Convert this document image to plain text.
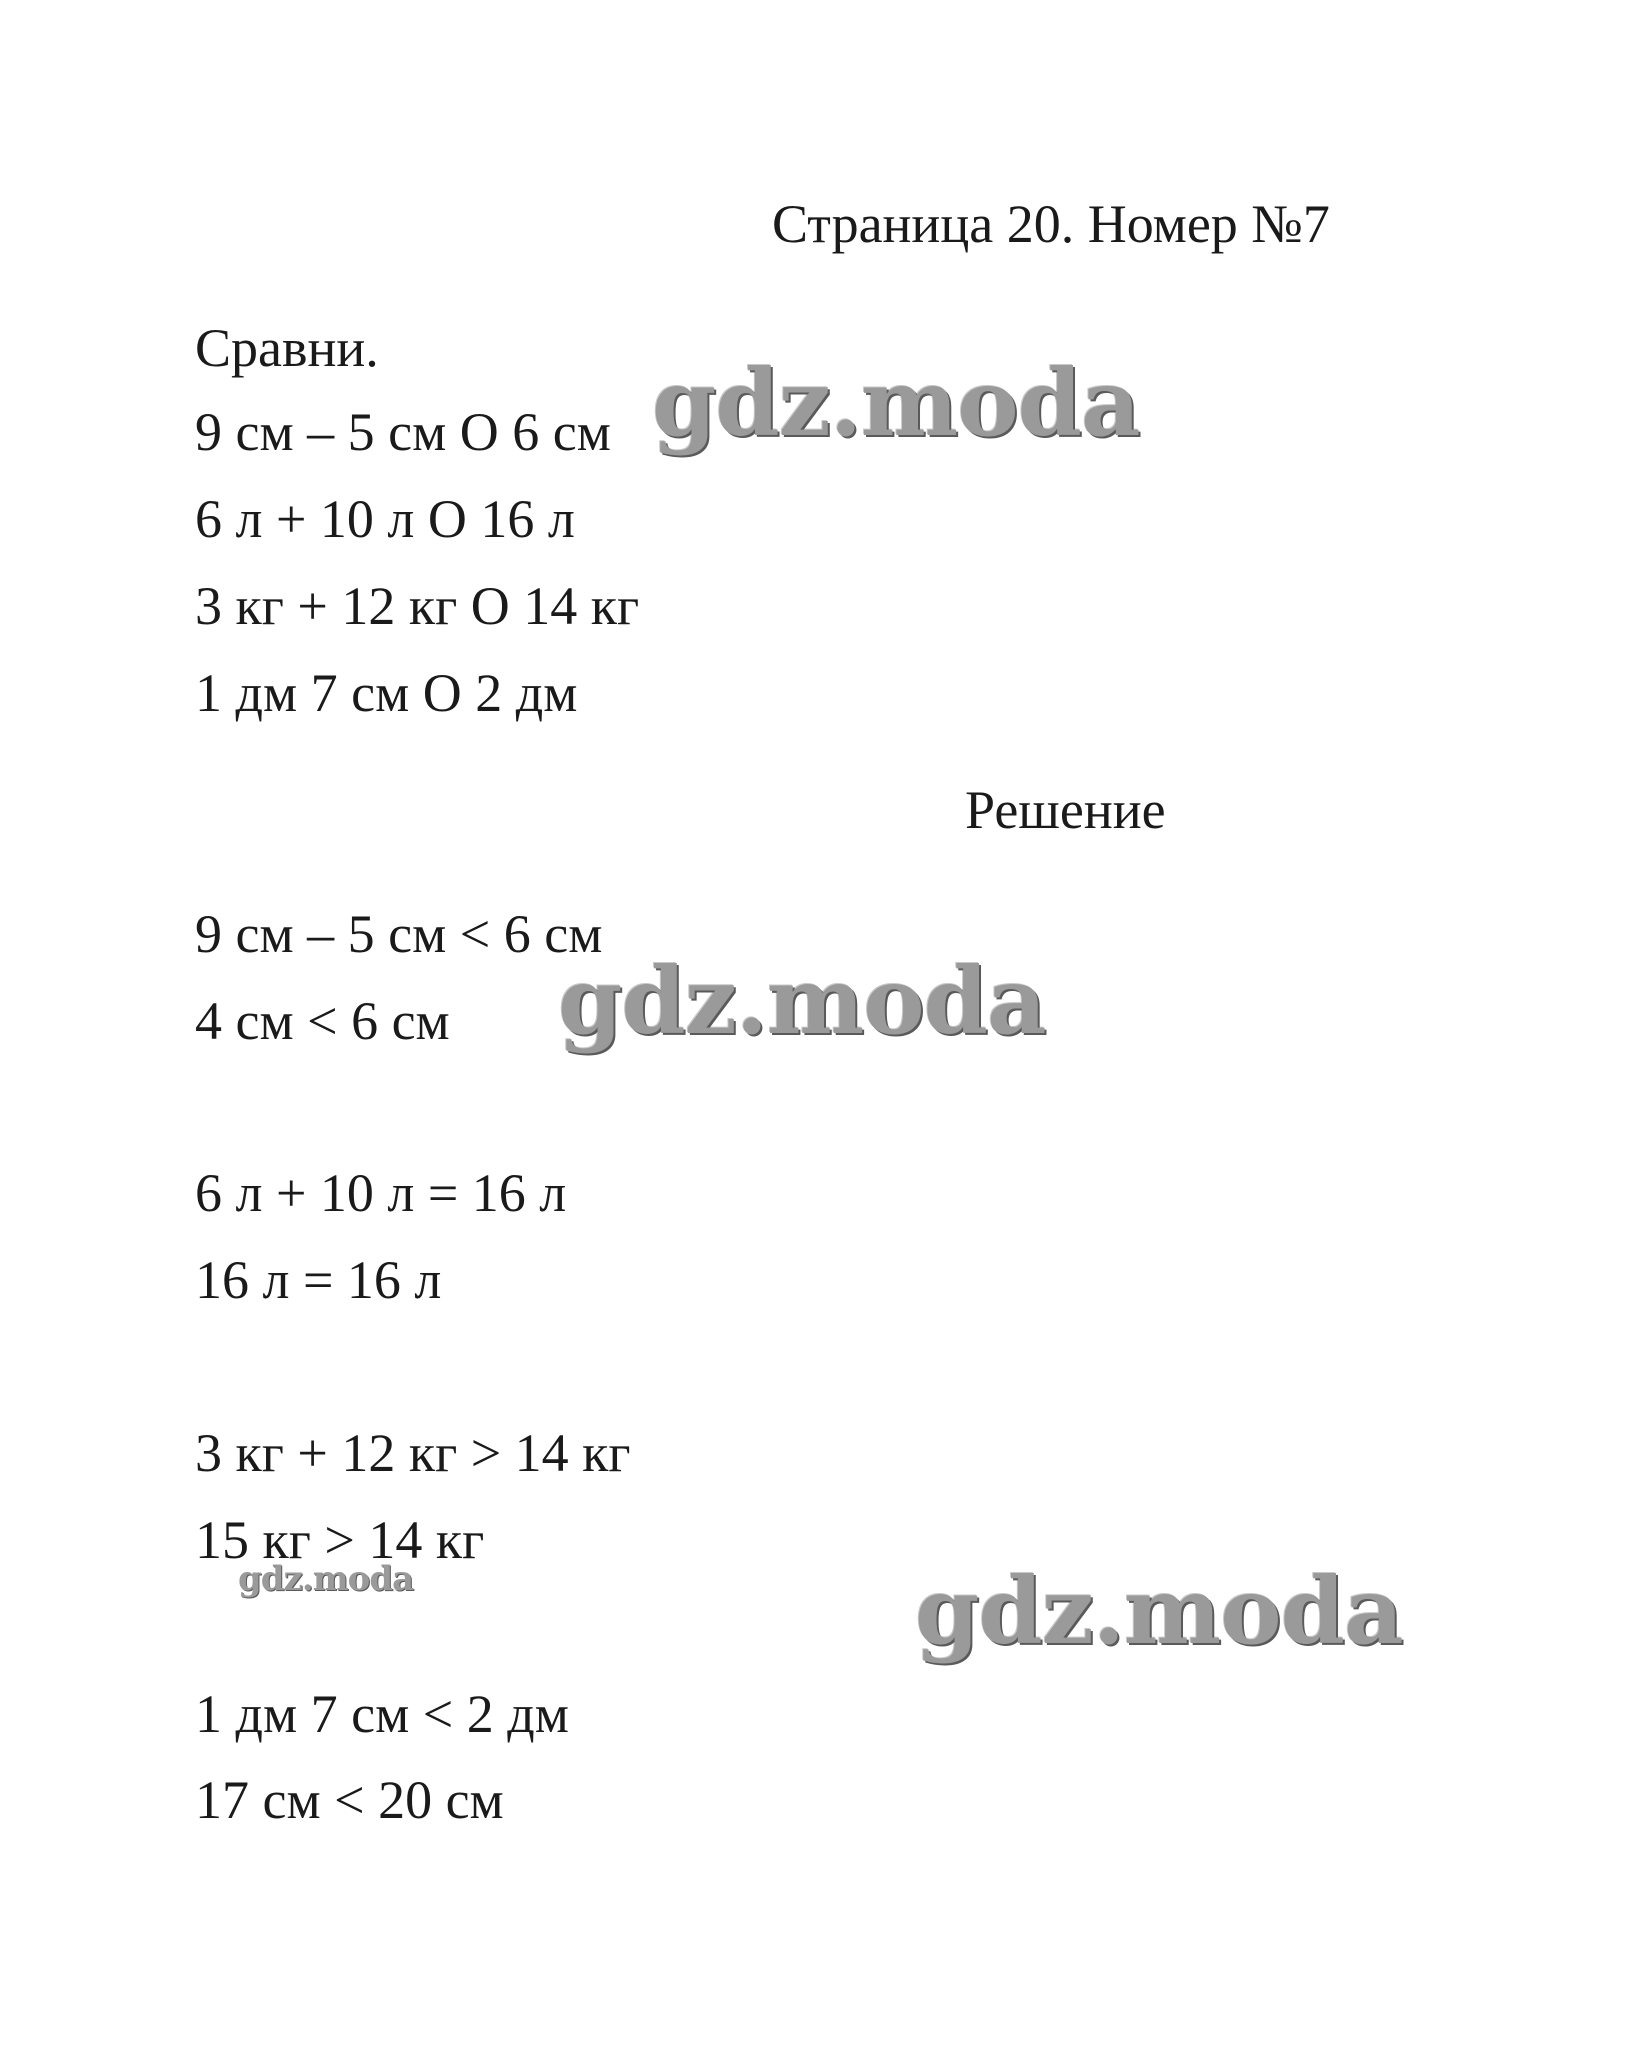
Страница 20. Номер №7
Сравни.
9 см – 5 см О 6 см
6 л + 10 л О 16 л
3 кг + 12 кг О 14 кг
1 дм 7 см О 2 дм
Решение
9 см – 5 см < 6 см
4 см < 6 см
6 л + 10 л = 16 л
16 л = 16 л
3 кг + 12 кг > 14 кг
15 кг > 14 кг
1 дм 7 см < 2 дм
17 см < 20 см
gdz.moda
gdz.moda
gdz.moda	gdz.moda
